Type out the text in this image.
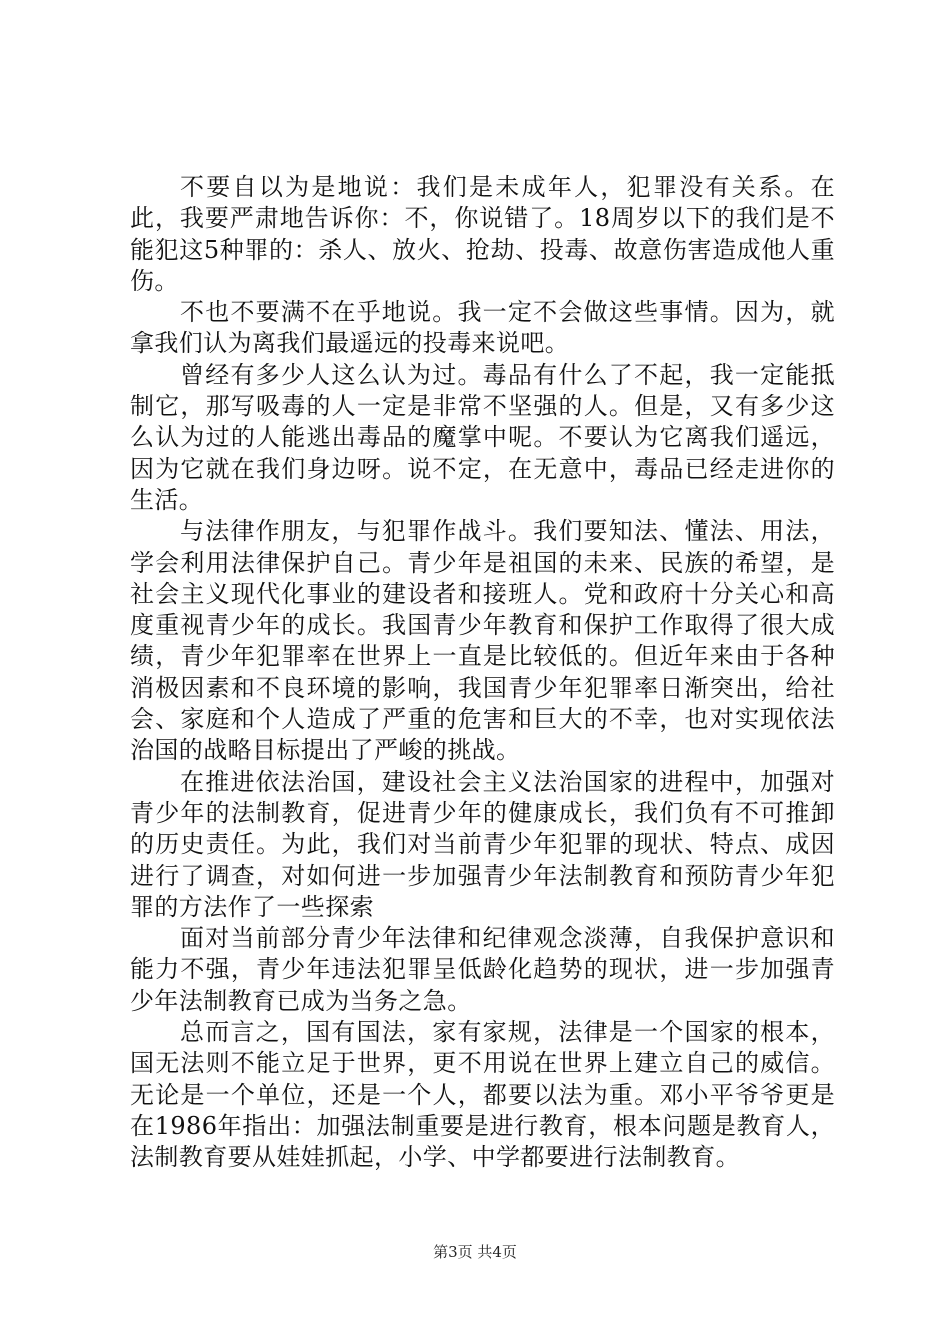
不要自以为是地说：我们是未成年人，犯罪没有关系。在此，我要严肃地告诉你：不，你说错了。18周岁以下的我们是不能犯这5种罪的：杀人、放火、抢劫、投毒、故意伤害造成他人重伤。

不也不要满不在乎地说。我一定不会做这些事情。因为，就拿我们认为离我们最遥远的投毒来说吧。

曾经有多少人这么认为过。毒品有什么了不起，我一定能抵制它，那写吸毒的人一定是非常不坚强的人。但是，又有多少这么认为过的人能逃出毒品的魔掌中呢。不要认为它离我们遥远，因为它就在我们身边呀。说不定，在无意中，毒品已经走进你的生活。

与法律作朋友，与犯罪作战斗。我们要知法、懂法、用法，学会利用法律保护自己。青少年是祖国的未来、民族的希望，是社会主义现代化事业的建设者和接班人。党和政府十分关心和高度重视青少年的成长。我国青少年教育和保护工作取得了很大成绩，青少年犯罪率在世界上一直是比较低的。但近年来由于各种消极因素和不良环境的影响，我国青少年犯罪率日渐突出，给社会、家庭和个人造成了严重的危害和巨大的不幸，也对实现依法治国的战略目标提出了严峻的挑战。

在推进依法治国，建设社会主义法治国家的进程中，加强对青少年的法制教育，促进青少年的健康成长，我们负有不可推卸的历史责任。为此，我们对当前青少年犯罪的现状、特点、成因进行了调查，对如何进一步加强青少年法制教育和预防青少年犯罪的方法作了一些探索

面对当前部分青少年法律和纪律观念淡薄，自我保护意识和能力不强，青少年违法犯罪呈低龄化趋势的现状，进一步加强青少年法制教育已成为当务之急。

总而言之，国有国法，家有家规，法律是一个国家的根本，国无法则不能立足于世界，更不用说在世界上建立自己的威信。无论是一个单位，还是一个人，都要以法为重。邓小平爷爷更是在1986年指出：加强法制重要是进行教育，根本问题是教育人，法制教育要从娃娃抓起，小学、中学都要进行法制教育。

第3页 共4页
